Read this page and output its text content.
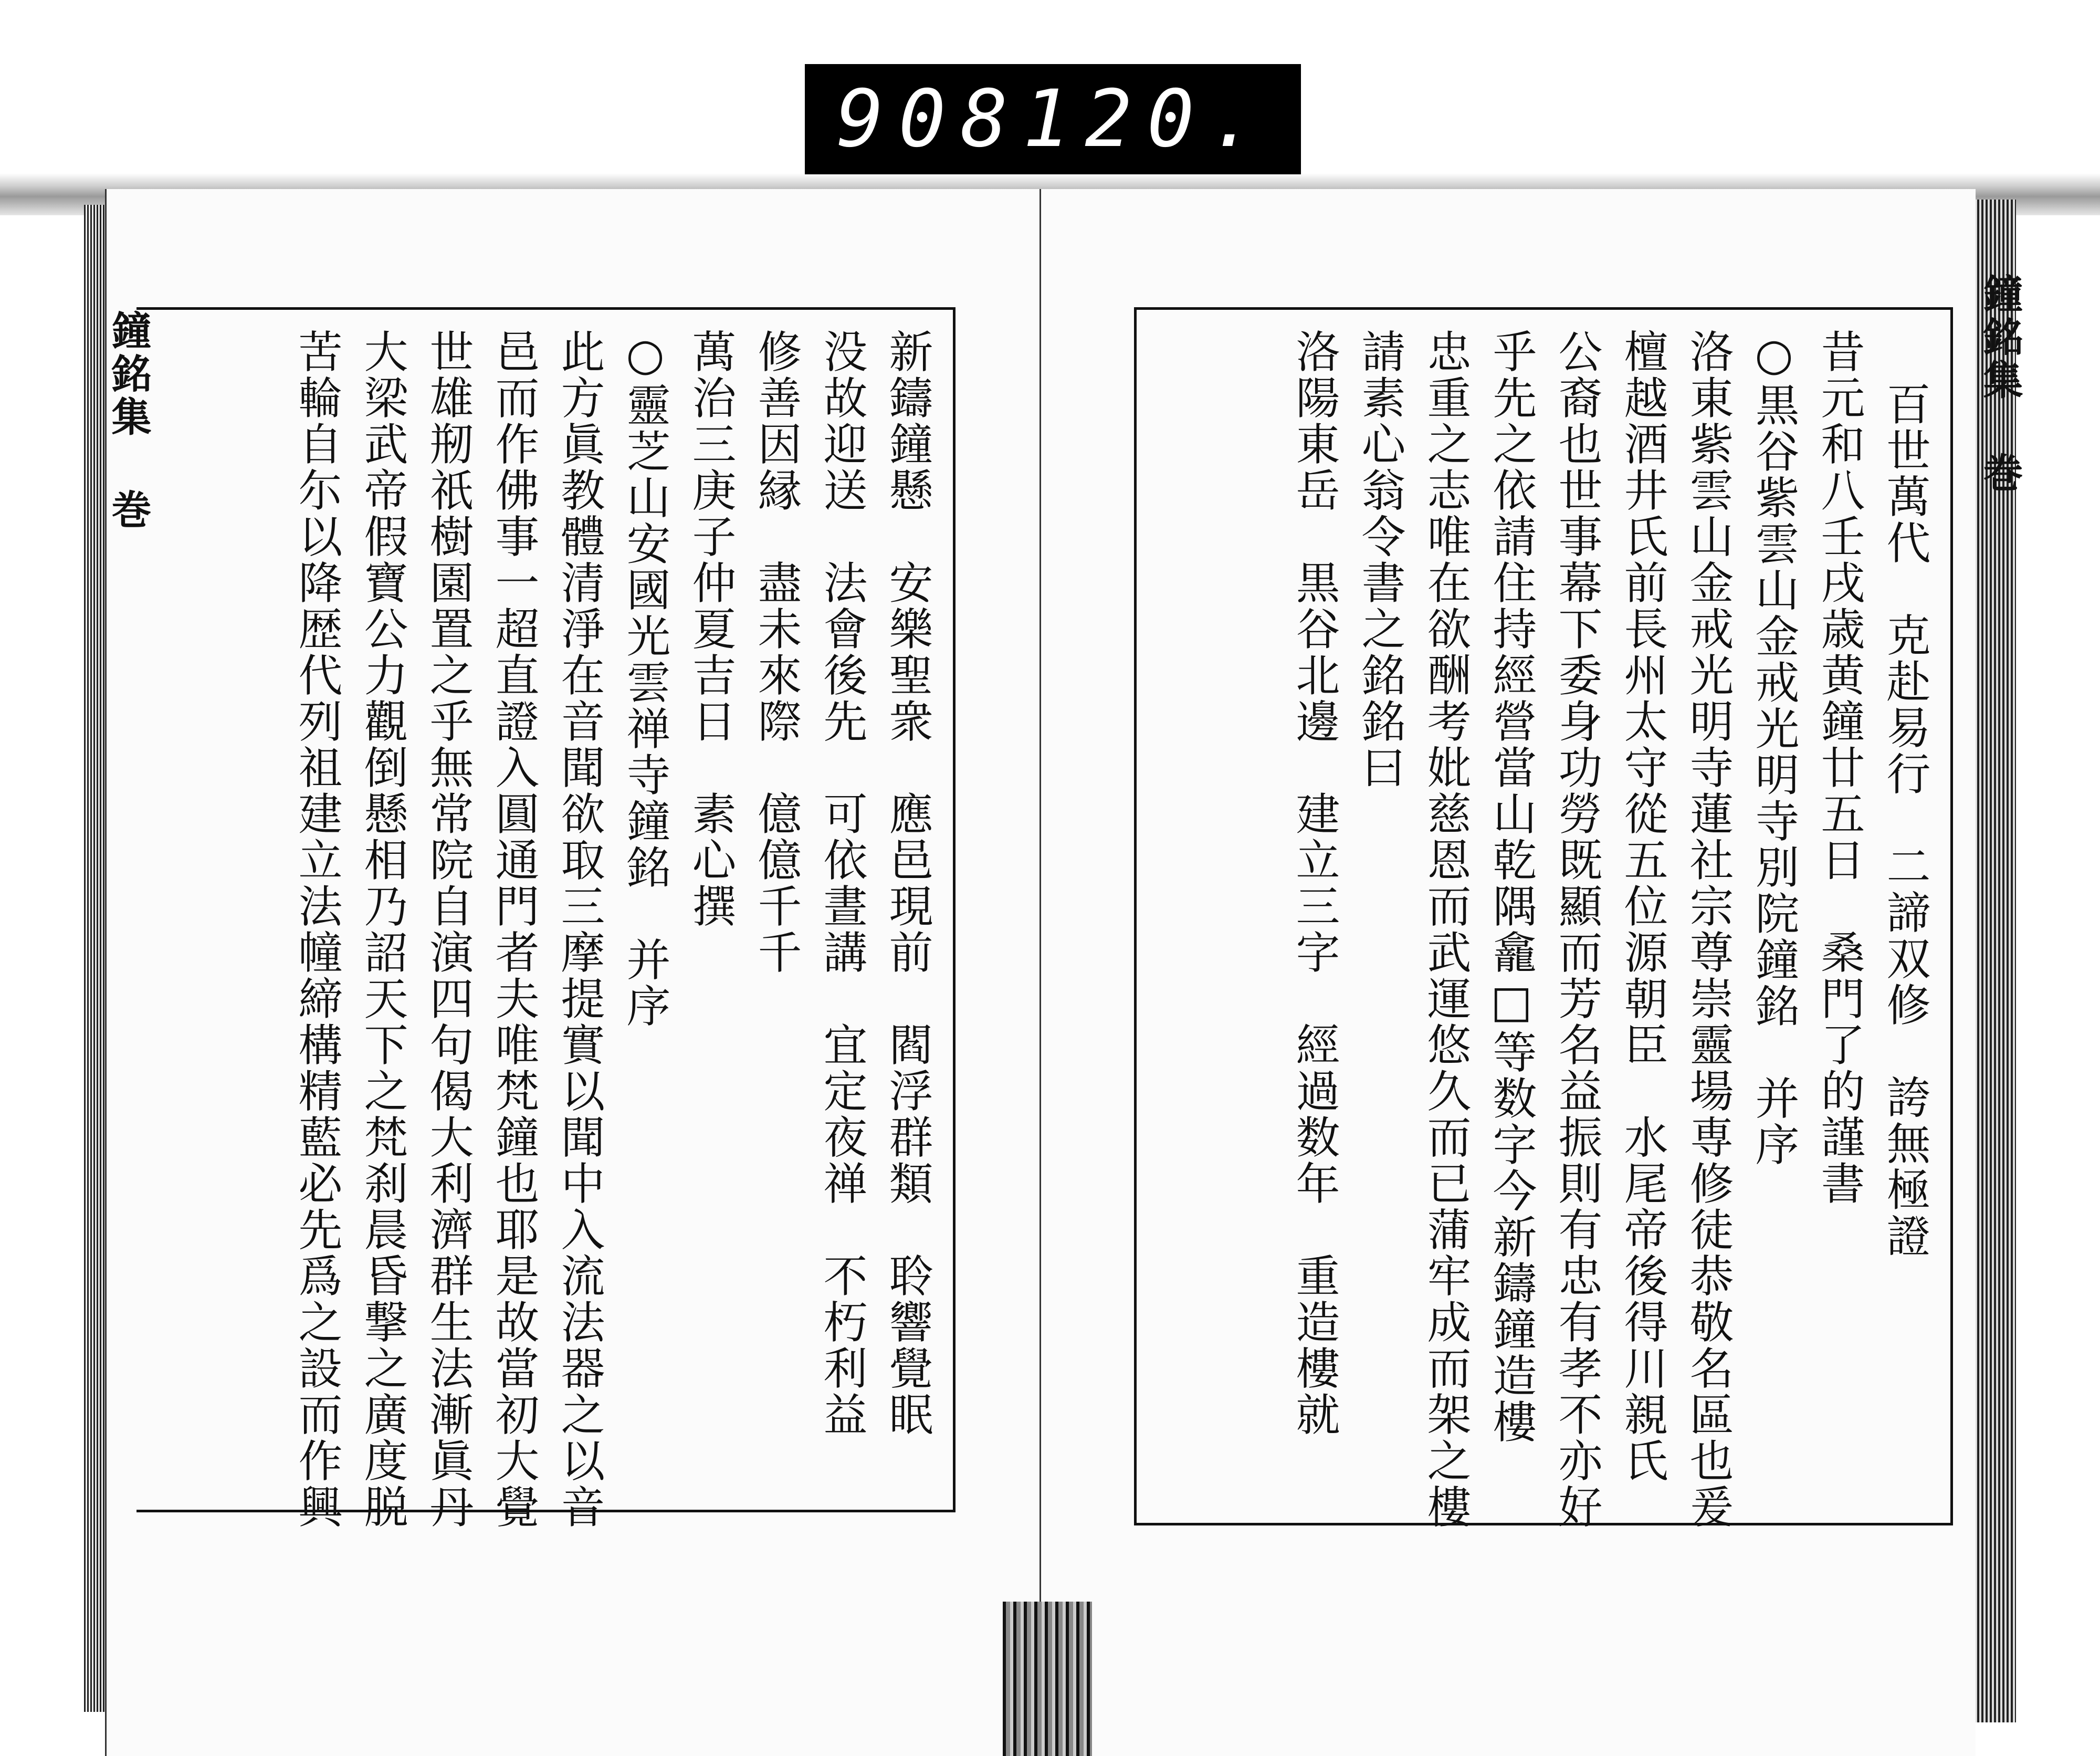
908 120.
鐘銘集 巻	鐘銘集 巻
百世萬代　克赴易行　二諦双修　誇無極證
昔元和八壬戌歳黄鐘廿五日　桑門了的謹書
○黒谷紫雲山金戒光明寺別院鐘銘　并序
洛東紫雲山金戒光明寺蓮社宗尊崇靈場専修徒恭敬名區也爰
檀越酒井氏前長州太守從五位源朝臣　水尾帝後得川親氏
公裔也世事幕下委身功勞既顯而芳名益振則有忠有孝不亦好
乎先之依請住持經營當山乾隅龕□等数字今新鑄鐘造樓
忠重之志唯在欲酬考妣慈恩而武運悠久而已蒲牢成而架之樓
請素心翁令書之銘銘曰
洛陽東岳　黒谷北邊　建立三字　經過数年　重造樓就
新鑄鐘懸　安樂聖衆　應邑現前　閻浮群類　聆響覺眠
没故迎送　法會後先　可依晝講　宜定夜禅　不朽利益
修善因縁　盡未來際　億億千千
萬治三庚子仲夏吉日　素心撰
○靈芝山安國光雲禅寺鐘銘　并序
此方眞教體清淨在音聞欲取三摩提實以聞中入流法器之以音
邑而作佛事一超直證入圓通門者夫唯梵鐘也耶是故當初大覺
世雄剏祇樹園置之乎無常院自演四句偈大利濟群生法漸眞丹
大梁武帝假寶公力觀倒懸相乃詔天下之梵刹晨昏撃之廣度脱
苦輪自尓以降歴代列祖建立法幢締構精藍必先爲之設而作興
